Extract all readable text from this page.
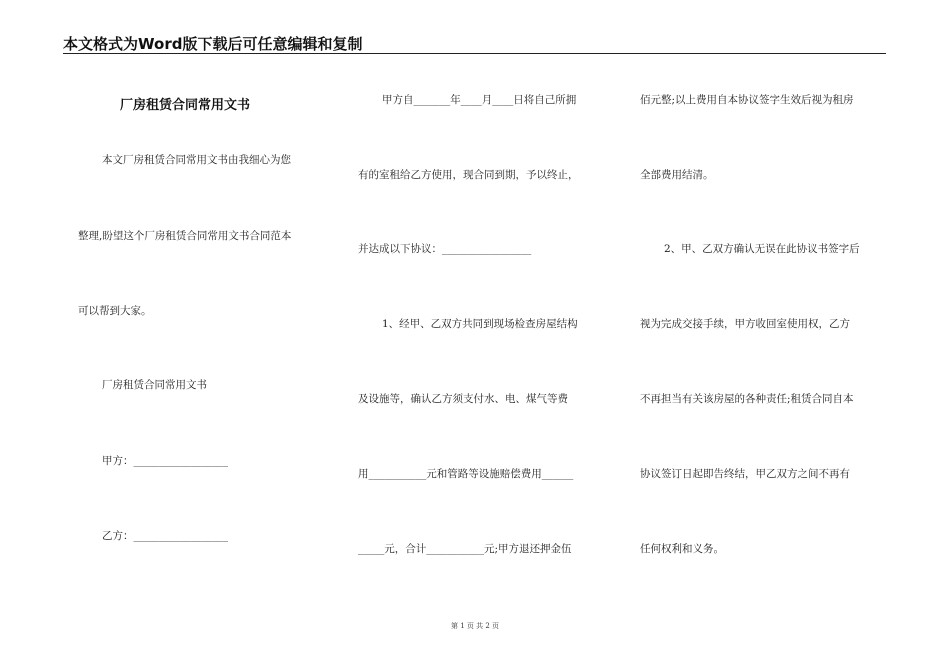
本文格式为Word版下载后可任意编辑和复制
厂房租赁合同常用文书
本文厂房租赁合同常用文书由我细心为您
整理,盼望这个厂房租赁合同常用文书合同范本
可以帮到大家。
厂房租赁合同常用文书
甲方：__________________
乙方：__________________
甲方自_______年____月____日将自己所拥
有的室租给乙方使用，现合同到期，予以终止，
并达成以下协议：_________________
1、经甲、乙双方共同到现场检查房屋结构
及设施等，确认乙方须支付水、电、煤气等费
用___________元和管路等设施赔偿费用______
_____元，合计___________元;甲方退还押金伍
佰元整;以上费用自本协议签字生效后视为租房
全部费用结清。
2、甲、乙双方确认无误在此协议书签字后
视为完成交接手续，甲方收回室使用权，乙方
不再担当有关该房屋的各种责任;租赁合同自本
协议签订日起即告终结，甲乙双方之间不再有
任何权利和义务。
第 1 页 共 2 页
